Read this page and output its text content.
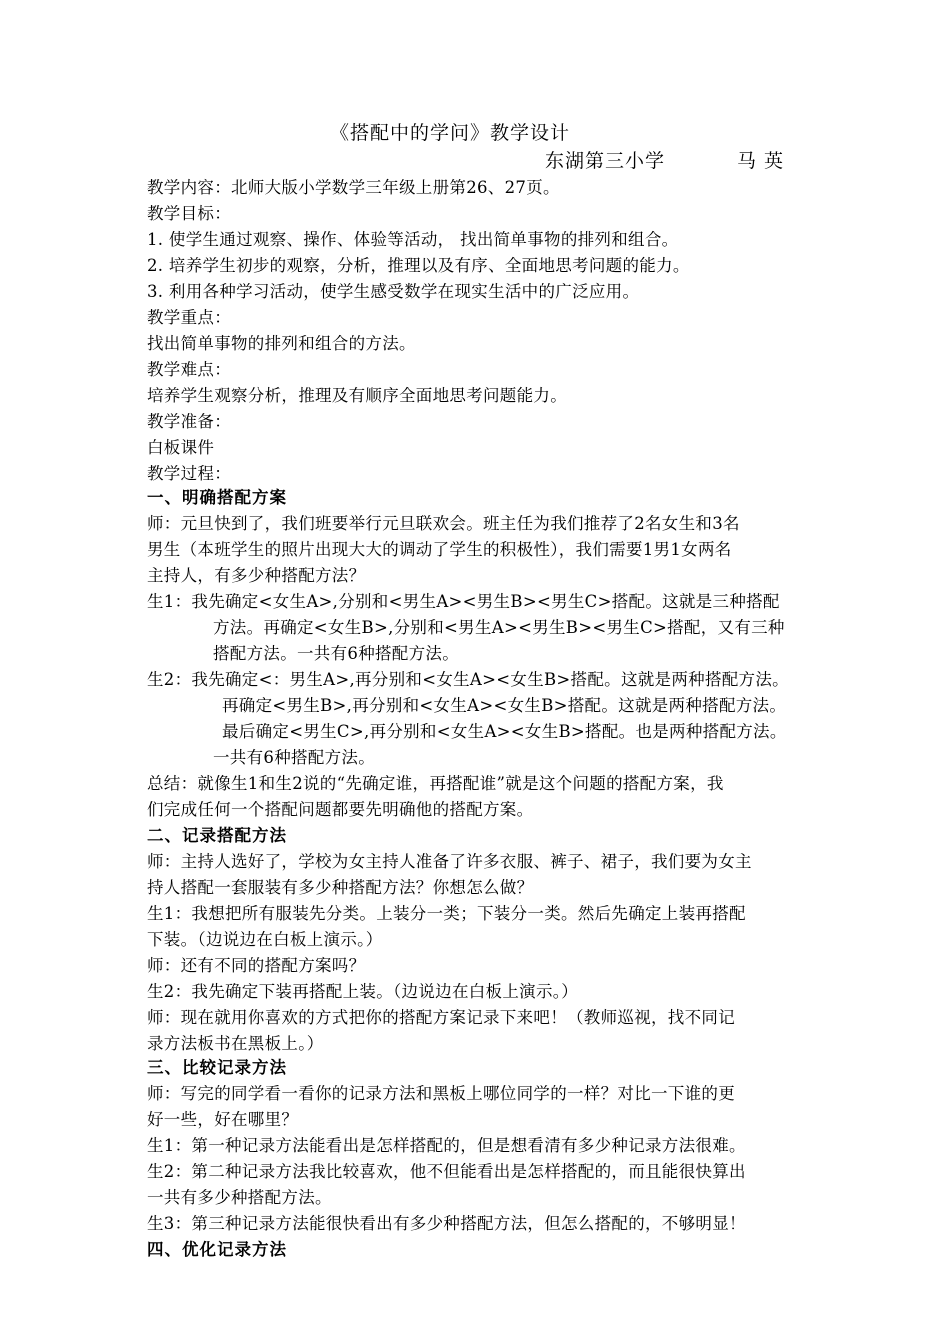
《搭配中的学问》教学设计
东湖第三小学	马 英
教学内容：北师大版小学数学三年级上册第26、27页。
教学目标：
1. 使学生通过观察、操作、体验等活动， 找出简单事物的排列和组合。
2. 培养学生初步的观察，分析，推理以及有序、全面地思考问题的能力。
3. 利用各种学习活动，使学生感受数学在现实生活中的广泛应用。
教学重点：
找出简单事物的排列和组合的方法。
教学难点：
培养学生观察分析，推理及有顺序全面地思考问题能力。
教学准备：
白板课件
教学过程：
一、明确搭配方案
师：元旦快到了，我们班要举行元旦联欢会。班主任为我们推荐了2名女生和3名
男生（本班学生的照片出现大大的调动了学生的积极性），我们需要1男1女两名
主持人，有多少种搭配方法？
生1：我先确定<女生A>,分别和<男生A><男生B><男生C>搭配。这就是三种搭配
方法。再确定<女生B>,分别和<男生A><男生B><男生C>搭配，又有三种
搭配方法。一共有6种搭配方法。
生2：我先确定<：男生A>,再分别和<女生A><女生B>搭配。这就是两种搭配方法。
再确定<男生B>,再分别和<女生A><女生B>搭配。这就是两种搭配方法。
最后确定<男生C>,再分别和<女生A><女生B>搭配。也是两种搭配方法。
一共有6种搭配方法。
总结：就像生1和生2说的“先确定谁，再搭配谁”就是这个问题的搭配方案，我
们完成任何一个搭配问题都要先明确他的搭配方案。
二、记录搭配方法
师：主持人选好了，学校为女主持人准备了许多衣服、裤子、裙子，我们要为女主
持人搭配一套服装有多少种搭配方法？你想怎么做？
生1：我想把所有服装先分类。上装分一类；下装分一类。然后先确定上装再搭配
下装。（边说边在白板上演示。）
师：还有不同的搭配方案吗？
生2：我先确定下装再搭配上装。（边说边在白板上演示。）
师：现在就用你喜欢的方式把你的搭配方案记录下来吧！（教师巡视，找不同记
录方法板书在黑板上。）
三、比较记录方法
师：写完的同学看一看你的记录方法和黑板上哪位同学的一样？对比一下谁的更
好一些，好在哪里？
生1：第一种记录方法能看出是怎样搭配的，但是想看清有多少种记录方法很难。
生2：第二种记录方法我比较喜欢，他不但能看出是怎样搭配的，而且能很快算出
一共有多少种搭配方法。
生3：第三种记录方法能很快看出有多少种搭配方法，但怎么搭配的，不够明显！
四、优化记录方法
